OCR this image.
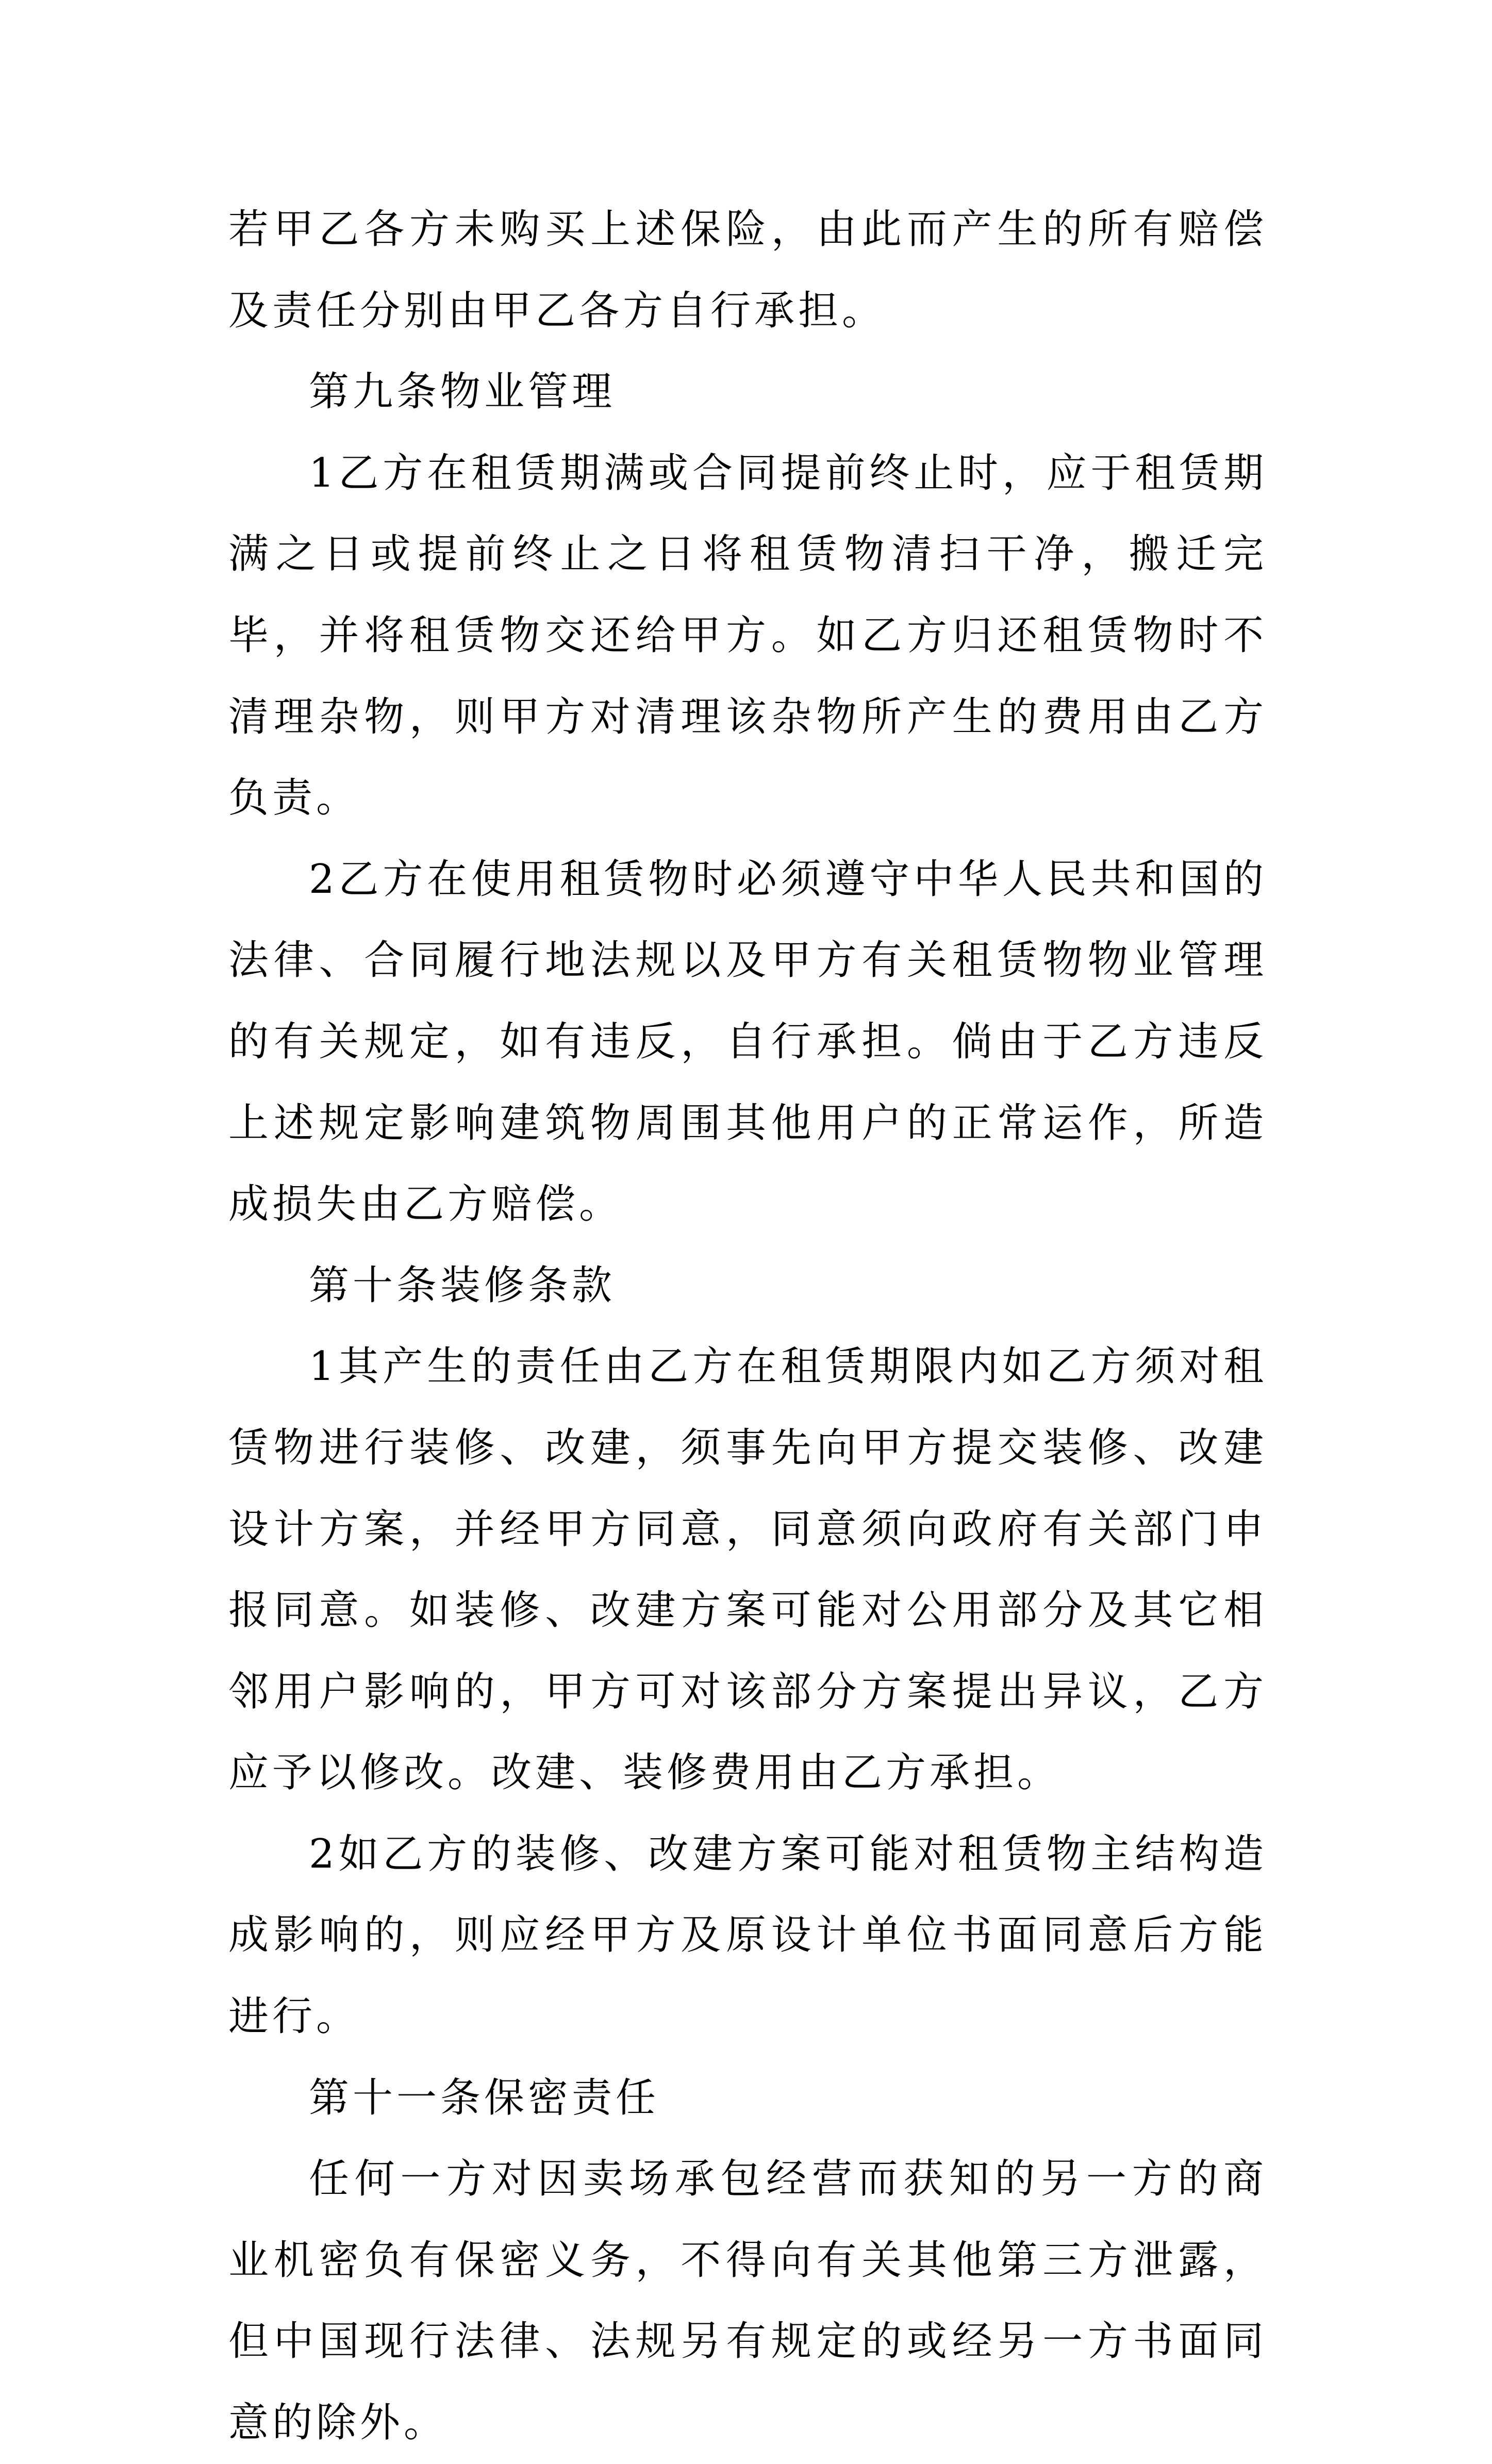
若甲乙各方未购买上述保险，由此而产生的所有赔偿及责任分别由甲乙各方自行承担。

第九条物业管理

1乙方在租赁期满或合同提前终止时，应于租赁期满之日或提前终止之日将租赁物清扫干净，搬迁完毕，并将租赁物交还给甲方。如乙方归还租赁物时不清理杂物，则甲方对清理该杂物所产生的费用由乙方负责。

2乙方在使用租赁物时必须遵守中华人民共和国的法律、合同履行地法规以及甲方有关租赁物物业管理的有关规定，如有违反，自行承担。倘由于乙方违反上述规定影响建筑物周围其他用户的正常运作，所造成损失由乙方赔偿。

第十条装修条款

1其产生的责任由乙方在租赁期限内如乙方须对租赁物进行装修、改建，须事先向甲方提交装修、改建设计方案，并经甲方同意，同意须向政府有关部门申报同意。如装修、改建方案可能对公用部分及其它相邻用户影响的，甲方可对该部分方案提出异议，乙方应予以修改。改建、装修费用由乙方承担。

2如乙方的装修、改建方案可能对租赁物主结构造成影响的，则应经甲方及原设计单位书面同意后方能进行。

第十一条保密责任

任何一方对因卖场承包经营而获知的另一方的商业机密负有保密义务，不得向有关其他第三方泄露，但中国现行法律、法规另有规定的或经另一方书面同意的除外。
